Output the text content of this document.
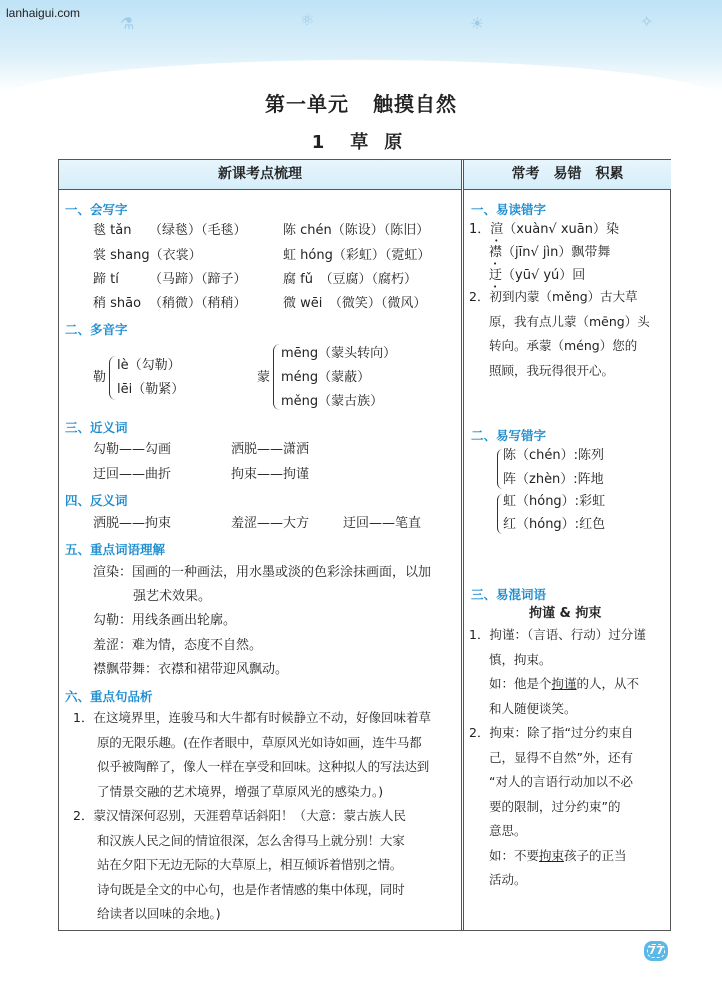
lanhaigui.com
⚗	⚛	☀	✧
第一单元 触摸自然
1 草 原
新课考点梳理	常考　易错　积累
一、会写字
毯 tǎn （绿毯）（毛毯）	陈 chén（陈设）（陈旧）
裳 shang（衣裳）	虹 hóng（彩虹）（霓虹）
蹄 tí （马蹄）（蹄子）	腐 fǔ　（豆腐）（腐朽）
稍 shāo （稍微）（稍稍）	微 wēi　（微笑）（微风）
二、多音字
勒
lè（勾勒）
lēi（勒紧）
蒙
mēng（蒙头转向）
méng（蒙蔽）
měng（蒙古族）
三、近义词
勾勒——勾画	洒脱——潇洒
迂回——曲折	拘束——拘谨
四、反义词
洒脱——拘束	羞涩——大方	迂回——笔直
五、重点词语理解
渲染：国画的一种画法，用水墨或淡的色彩涂抹画面，以加
强艺术效果。
勾勒：用线条画出轮廓。
羞涩：难为情，态度不自然。
襟飘带舞：衣襟和裙带迎风飘动。
六、重点句品析
1．在这境界里，连骏马和大牛都有时候静立不动，好像回味着草
原的无限乐趣。(在作者眼中，草原风光如诗如画，连牛马都
似乎被陶醉了，像人一样在享受和回味。这种拟人的写法达到
了情景交融的艺术境界，增强了草原风光的感染力。)
2．蒙汉情深何忍别，天涯碧草话斜阳！（大意：蒙古族人民
和汉族人民之间的情谊很深，怎么舍得马上就分别！大家
站在夕阳下无边无际的大草原上，相互倾诉着惜别之情。
诗句既是全文的中心句，也是作者情感的集中体现，同时
给读者以回味的余地。)
一、易读错字
1．渲（xuàn√ xuān）染
襟（jīn√ jìn）飘带舞
迂（yū√ yú）回
2．初到内蒙（měng）古大草
原，我有点儿蒙（mēng）头
转向。承蒙（méng）您的
照顾，我玩得很开心。
二、易写错字
陈（chén）:陈列
阵（zhèn）:阵地
虹（hóng）:彩虹
红（hóng）:红色
三、易混词语
拘谨 & 拘束
1．拘谨：（言语、行动）过分谨
慎，拘束。
如：他是个拘谨的人，从不
和人随便谈笑。
2．拘束：除了指“过分约束自
己，显得不自然”外，还有
“对人的言语行动加以不必
要的限制，过分约束”的
意思。
如：不要拘束孩子的正当
活动。
77
